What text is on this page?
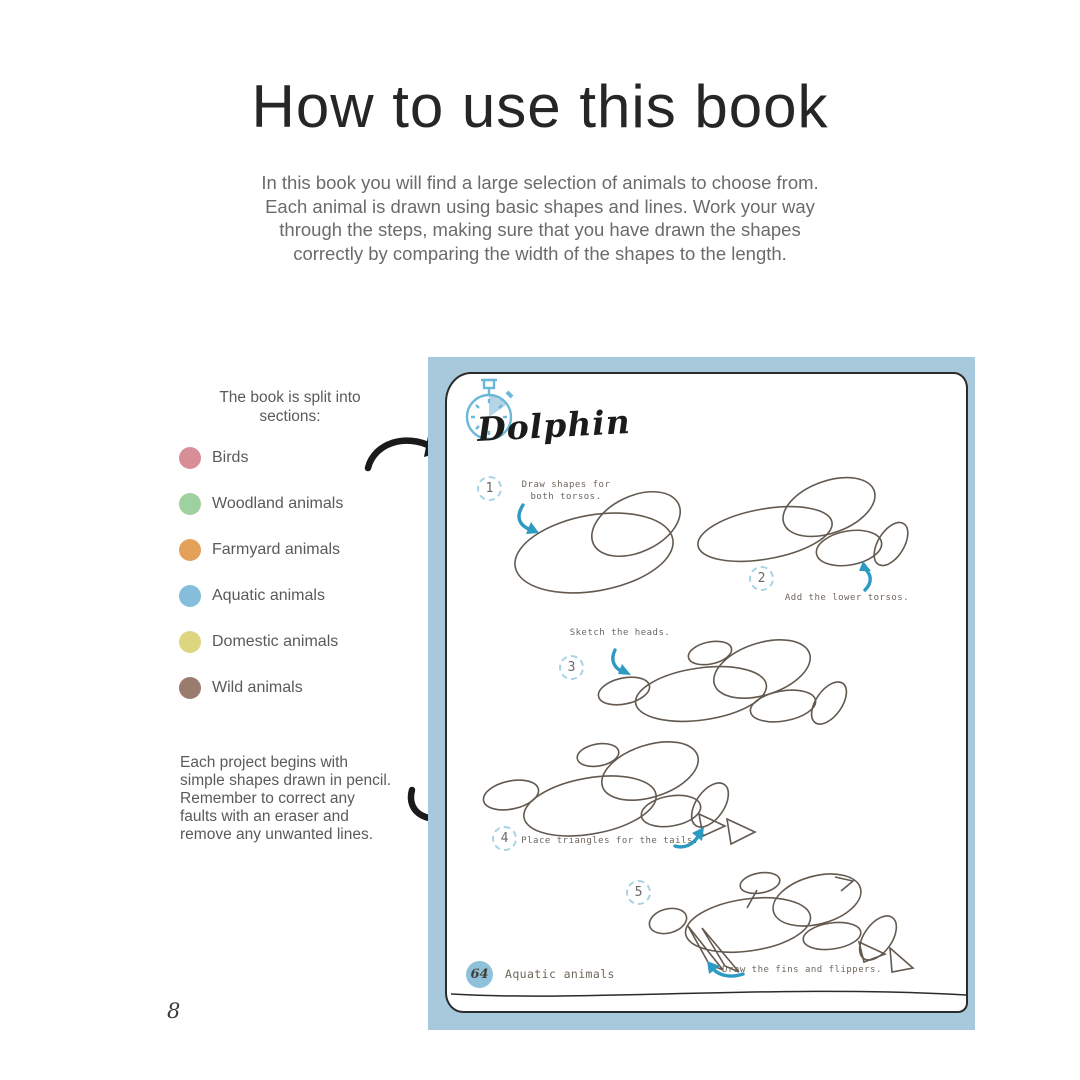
How to use this book
In this book you will find a large selection of animals to choose from.
Each animal is drawn using basic shapes and lines. Work your way
through the steps, making sure that you have drawn the shapes
correctly by comparing the width of the shapes to the length.
The book is split into
sections:
Birds
Woodland animals
Farmyard animals
Aquatic animals
Domestic animals
Wild animals
Each project begins with
simple shapes drawn in pencil.
Remember to correct any
faults with an eraser and
remove any unwanted lines.
8
Dolphin
1
2
3
4
5
Draw shapes for
both torsos.
Add the lower torsos.
Sketch the heads.
Place triangles for the tails.
Draw the fins and flippers.
64	Aquatic animals
